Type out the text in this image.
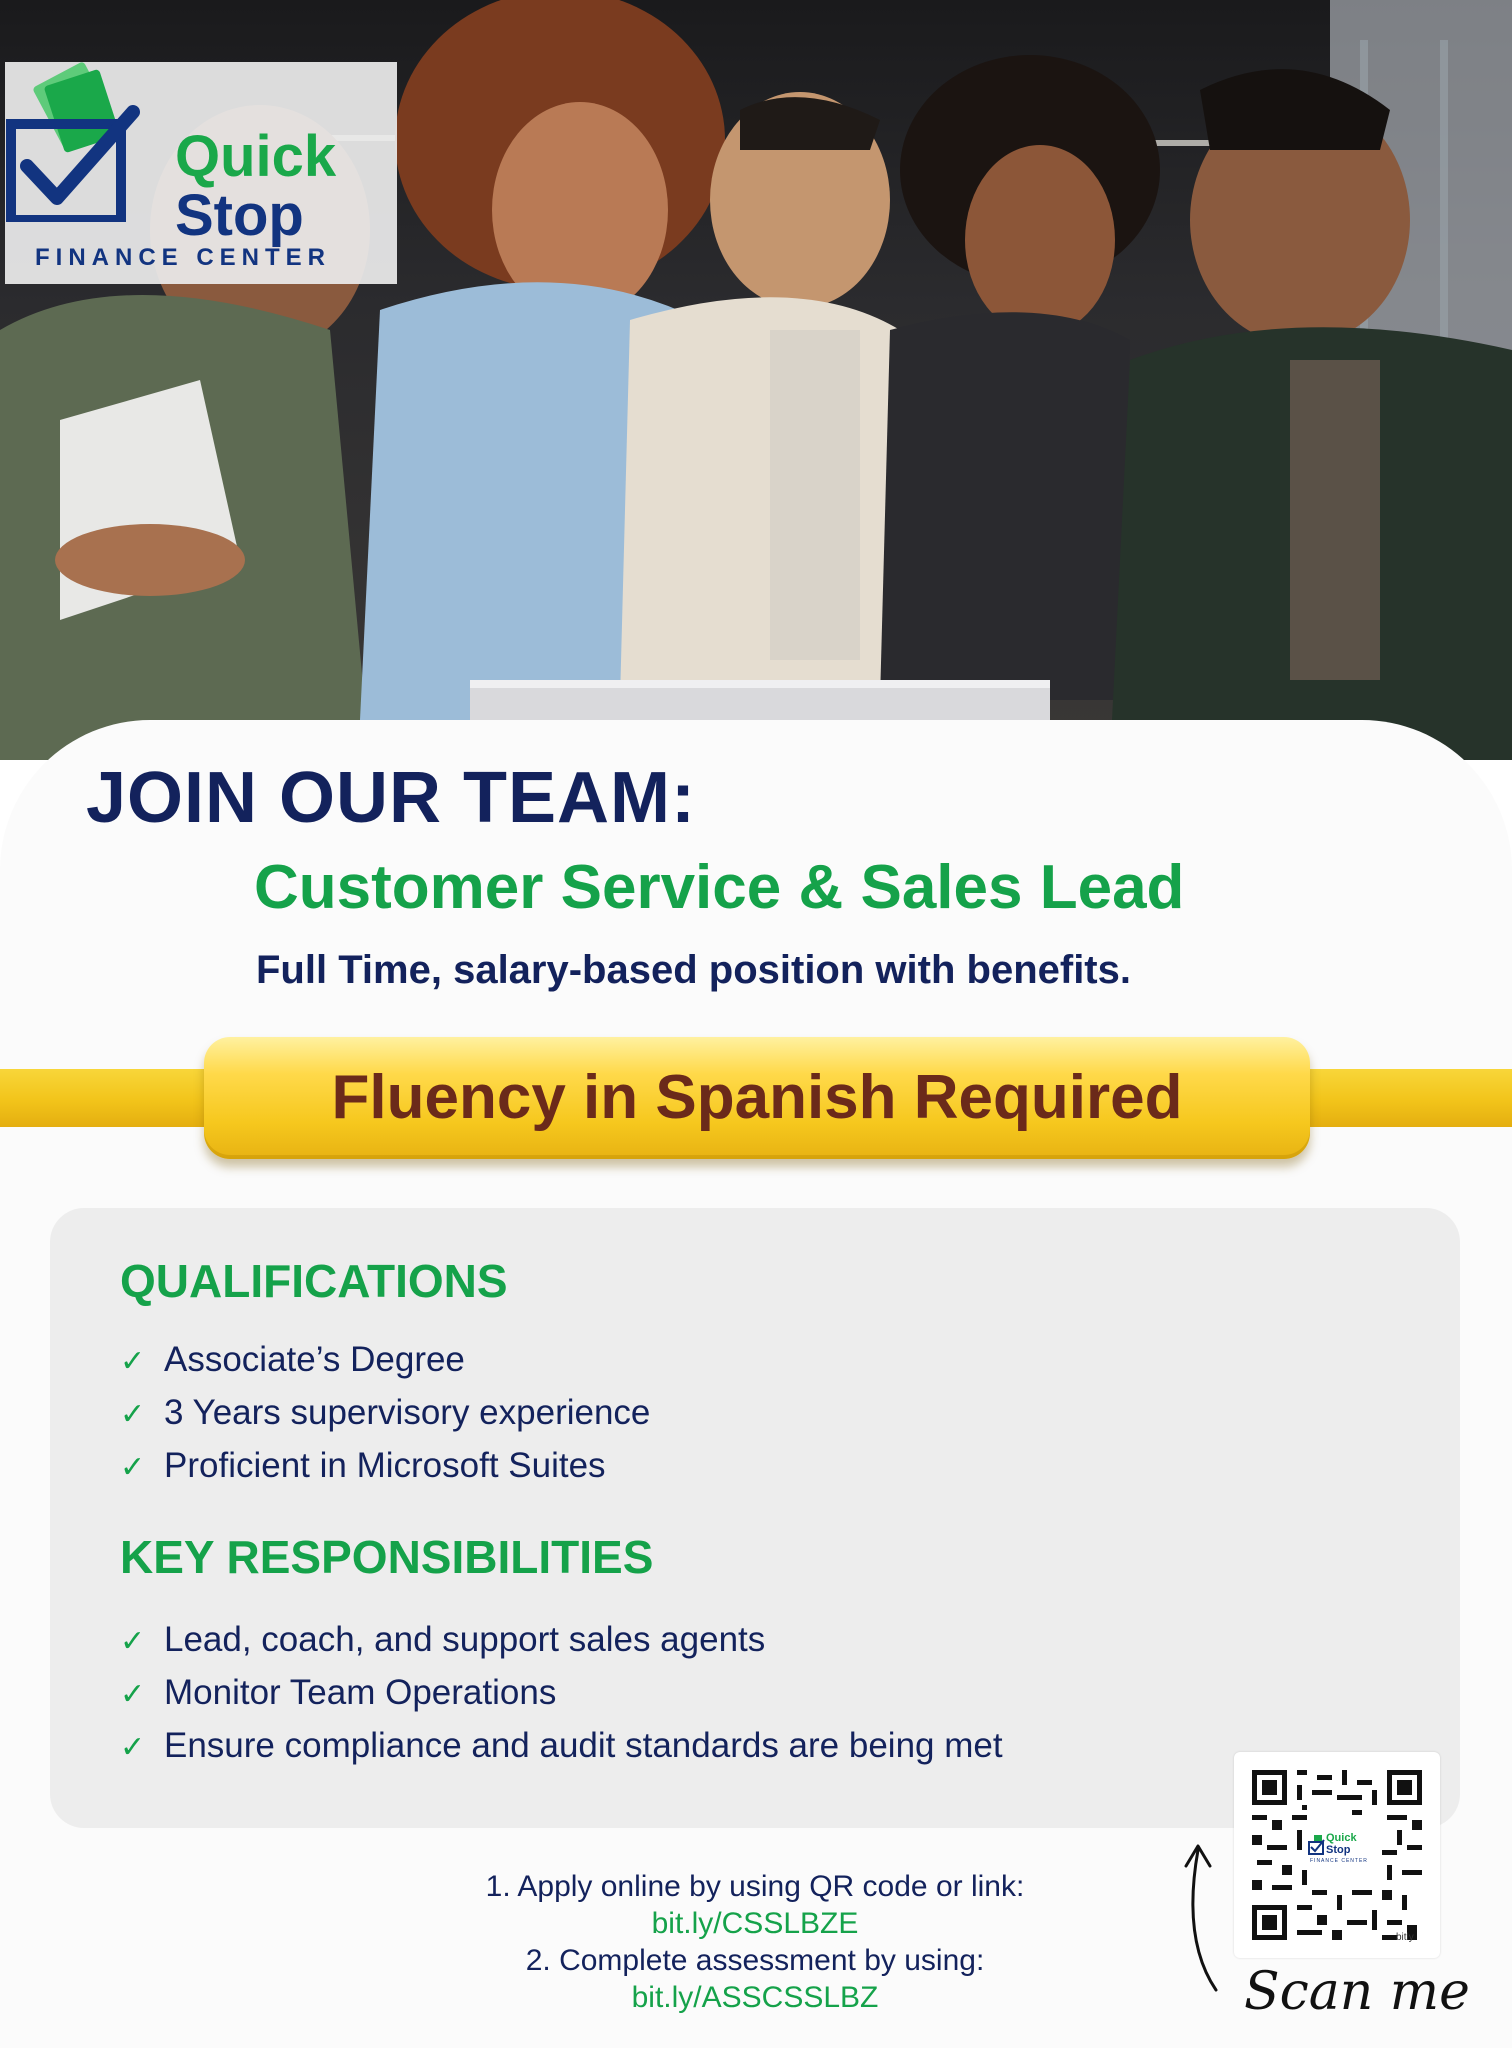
Quick
Stop
FINANCE CENTER
JOIN OUR TEAM:
Customer Service & Sales Lead
Full Time, salary-based position with benefits.
Fluency in Spanish Required
QUALIFICATIONS
✓ Associate’s Degree
✓ 3 Years supervisory experience
✓ Proficient in Microsoft Suites
KEY RESPONSIBILITIES
✓ Lead, coach, and support sales agents
✓ Monitor Team Operations
✓ Ensure compliance and audit standards are being met
1. Apply online by using QR code or link:
bit.ly/CSSLBZE
2. Complete assessment by using:
bit.ly/ASSCSSLBZ
Quick
Stop
FINANCE CENTER
bitly
Scan me
